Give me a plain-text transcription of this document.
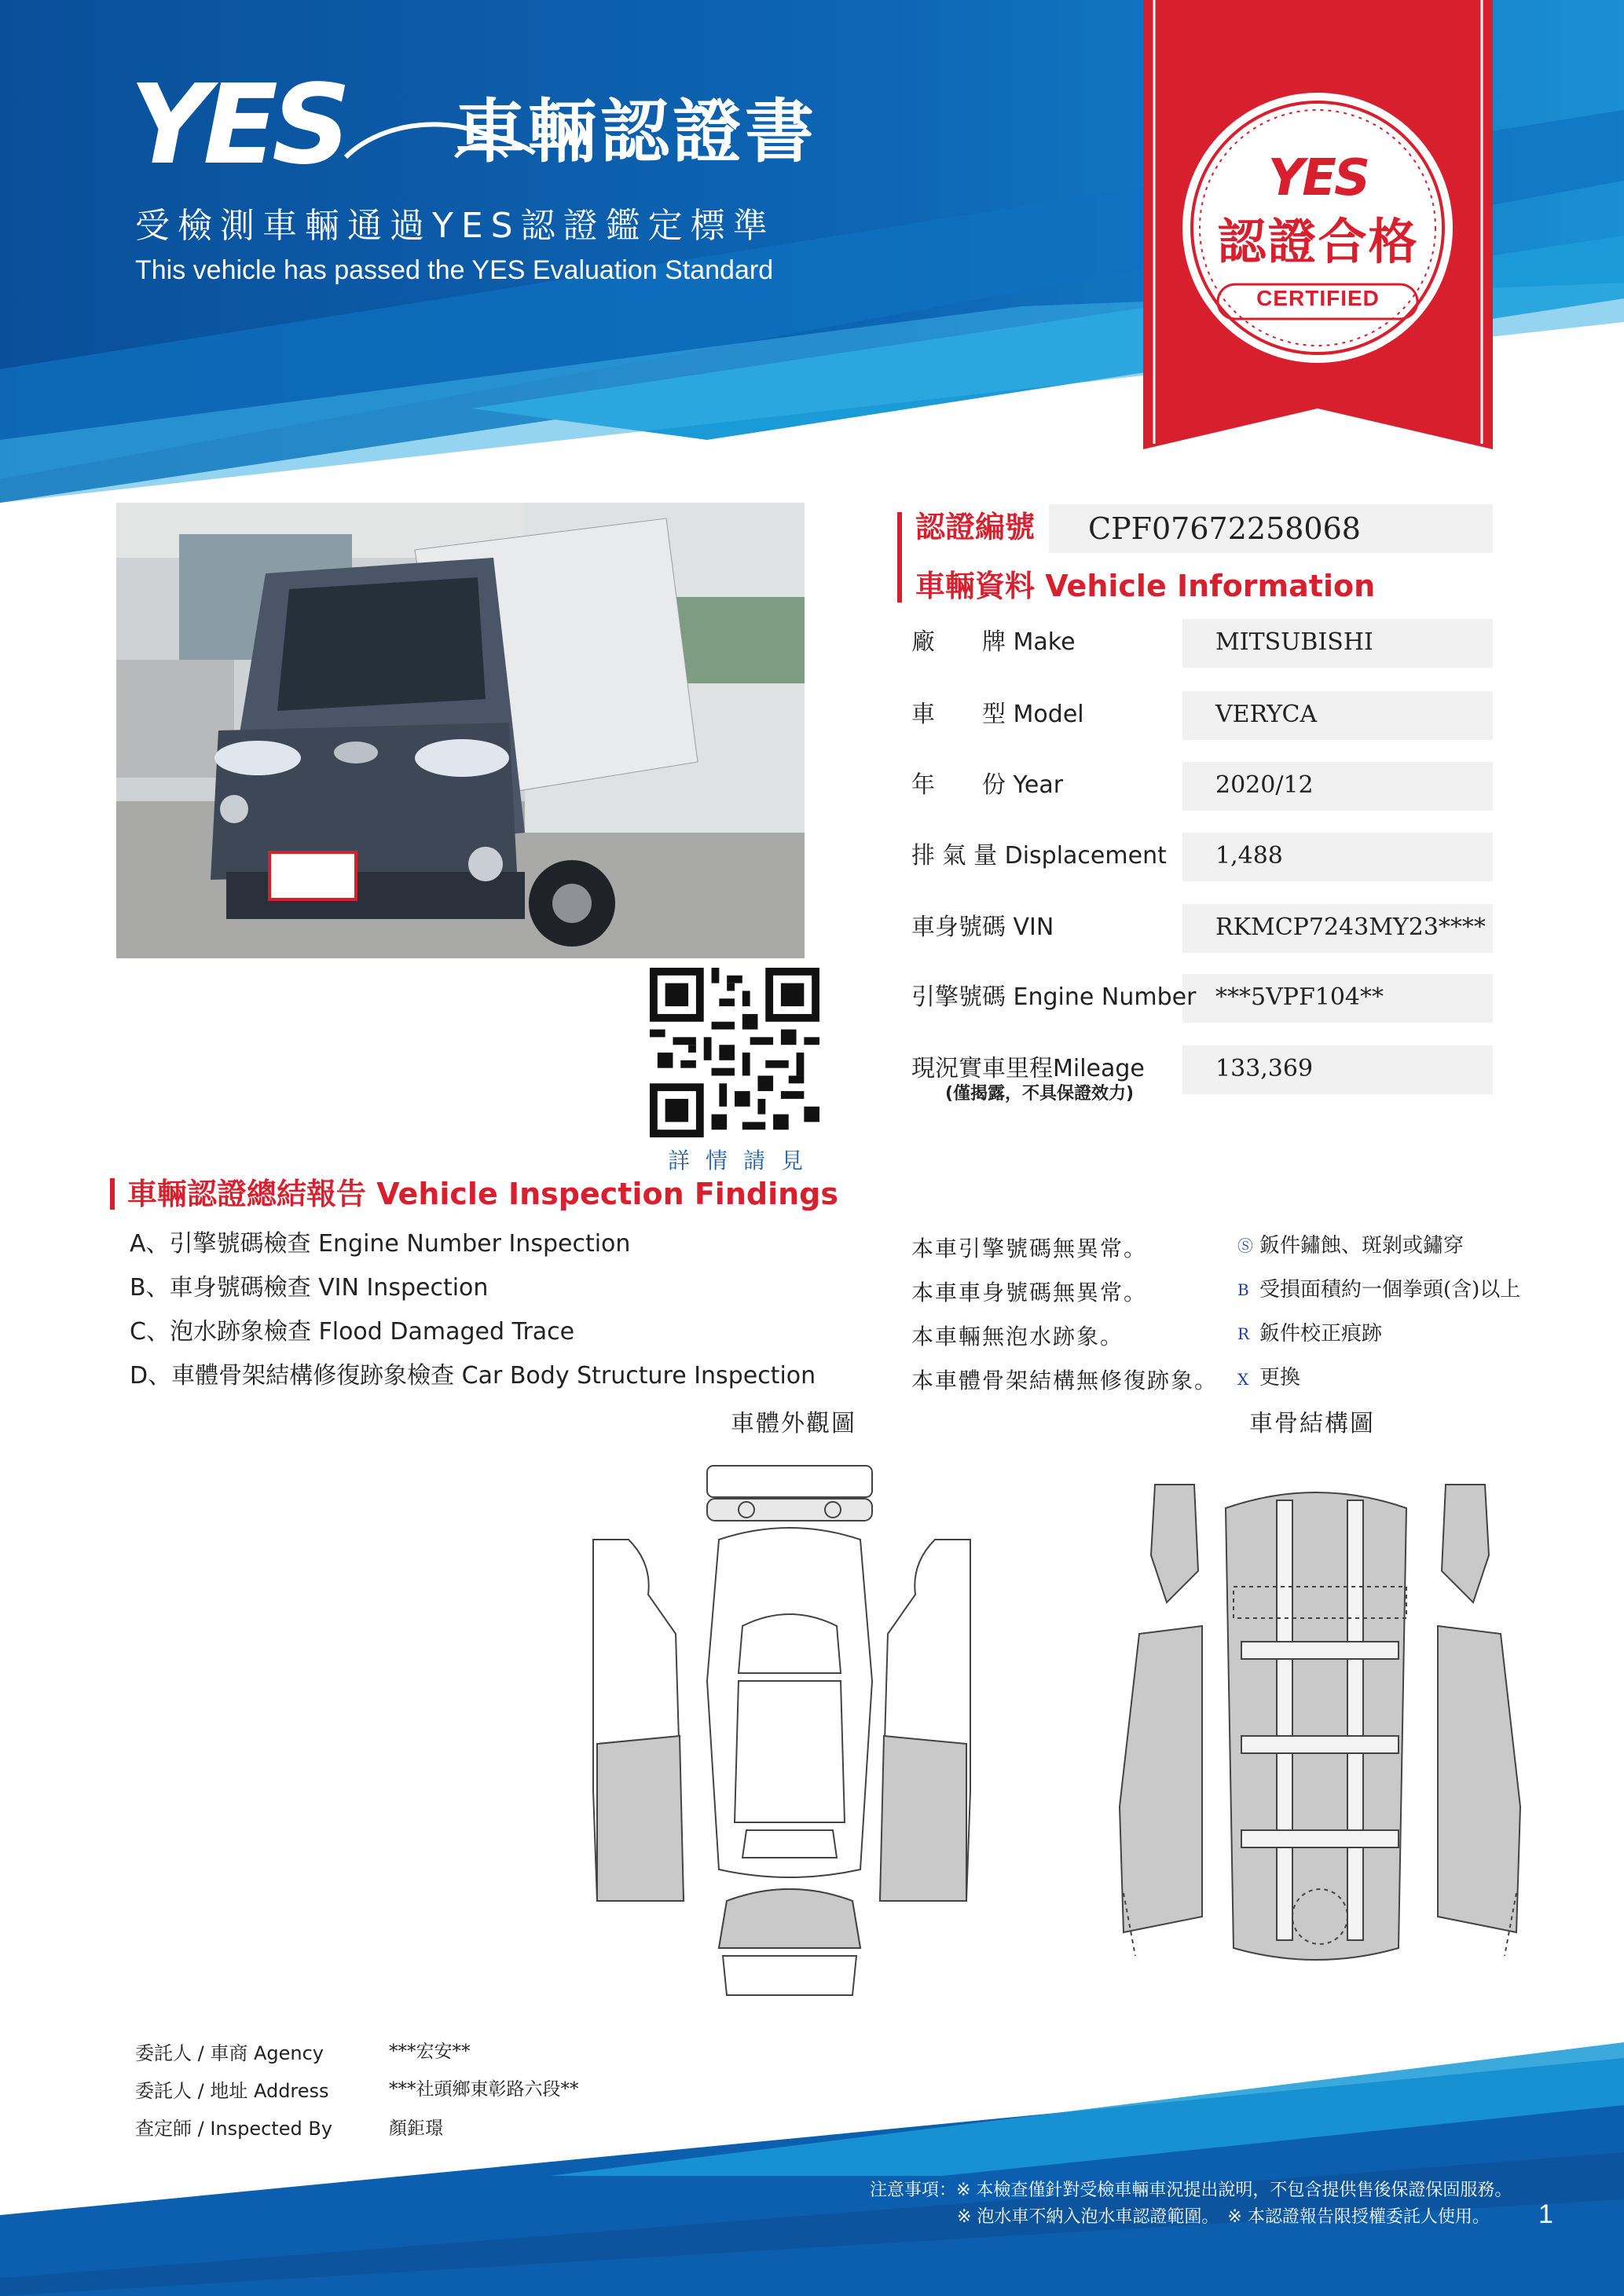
YES 車輛認證書
受檢測車輛通過YES認證鑑定標準
This vehicle has passed the YES Evaluation Standard
YES
認證合格
CERTIFIED
詳情請見
認證編號 CPF07672258068
車輛資料 Vehicle Information
廠　　牌 Make	MITSUBISHI
車　　型 Model	VERYCA
年　　份 Year	2020/12
排 氣 量 Displacement 1,488
車身號碼 VIN	RKMCP7243MY23****
引擎號碼 Engine Number ***5VPF104**
現況實車里程Mileage	133,369
(僅揭露，不具保證效力)
車輛認證總結報告 Vehicle Inspection Findings
A、引擎號碼檢查 Engine Number Inspection
B、車身號碼檢查 VIN Inspection
C、泡水跡象檢查 Flood Damaged Trace
D、車體骨架結構修復跡象檢查 Car Body Structure Inspection
本車引擎號碼無異常。
本車車身號碼無異常。
本車輛無泡水跡象。
本車體骨架結構無修復跡象。
Ⓢ 鈑件鏽蝕、斑剝或鏽穿
B 受損面積約一個拳頭(含)以上
R 鈑件校正痕跡
X 更換
車體外觀圖	車骨結構圖
委託人 / 車商 Agency	***宏安**
委託人 / 地址 Address	***社頭鄉東彰路六段**
查定師 / Inspected By	顏鉅璟
注意事項：※ 本檢查僅針對受檢車輛車況提出說明，不包含提供售後保證保固服務。
※ 泡水車不納入泡水車認證範圍。　※ 本認證報告限授權委託人使用。 1
